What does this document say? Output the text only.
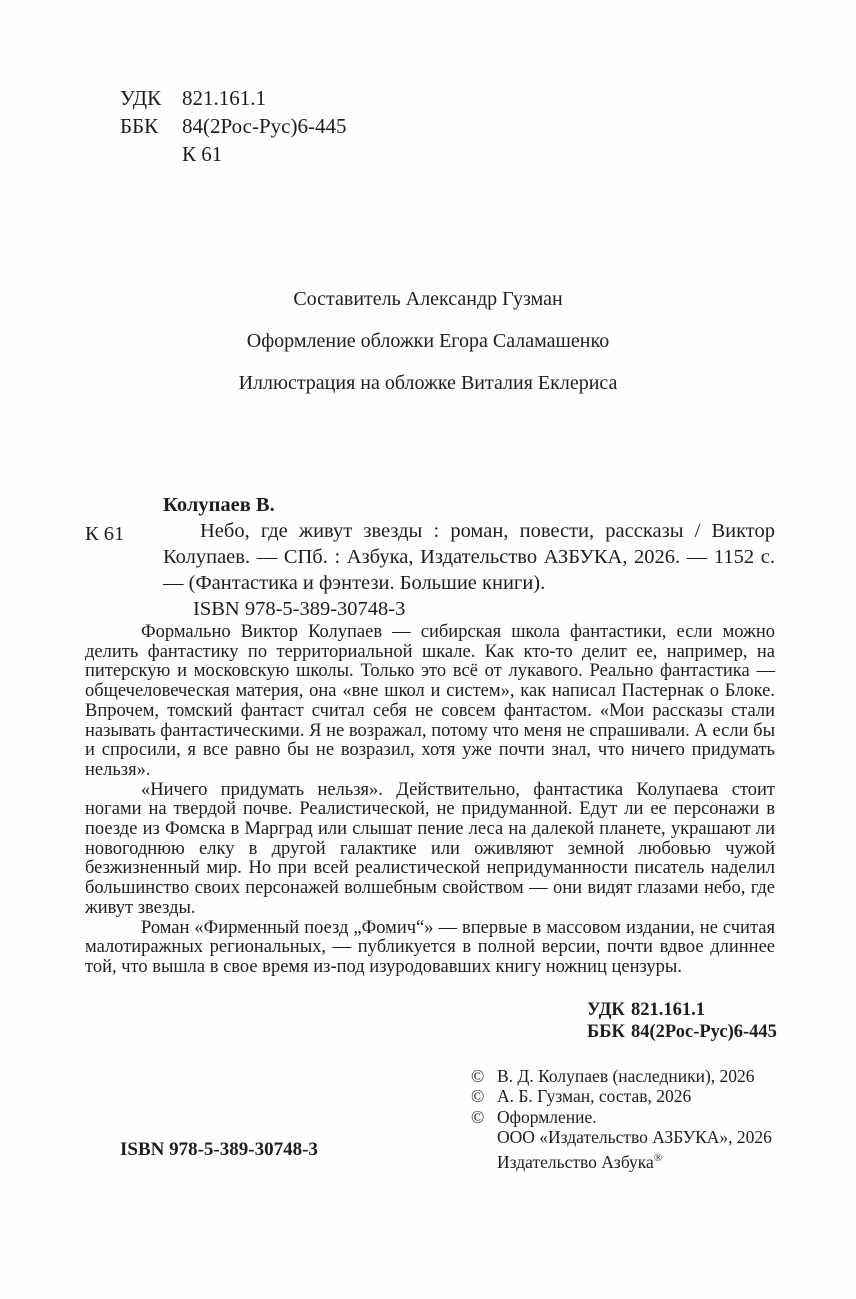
УДК 821.161.1
ББК	84(2Рос-Рус)6-445
К 61
Составитель Александр Гузман
Оформление обложки Егора Саламашенко
Иллюстрация на обложке Виталия Еклериса
Колупаев В.
К 61	Небо, где живут звезды : роман, повести, рассказы / Виктор Колупаев. — СПб. : Азбука, Издательство АЗБУКА, 2026. — 1152 с. — (Фантастика и фэнтези. Большие книги).
ISBN 978-5-389-30748-3

Формально Виктор Колупаев — сибирская школа фантастики, если можно делить фантастику по территориальной шкале. Как кто-то делит ее, например, на питерскую и московскую школы. Только это всё от лукавого. Реально фантастика — общечеловеческая материя, она «вне школ и систем», как написал Пастернак о Блоке. Впрочем, томский фантаст считал себя не совсем фантастом. «Мои рассказы стали называть фантастическими. Я не возражал, потому что меня не спрашивали. А если бы и спросили, я все равно бы не возразил, хотя уже почти знал, что ничего придумать нельзя».

«Ничего придумать нельзя». Действительно, фантастика Колупаева стоит ногами на твердой почве. Реалистической, не придуманной. Едут ли ее персонажи в поезде из Фомска в Марград или слышат пение леса на далекой планете, украшают ли новогоднюю елку в другой галактике или оживляют земной любовью чужой безжизненный мир. Но при всей реалистической непридуманности писатель наделил большинство своих персонажей волшебным свойством — они видят глазами небо, где живут звезды.

Роман «Фирменный поезд „Фомич“» — впервые в массовом издании, не считая малотиражных региональных, — публикуется в полной версии, почти вдвое длиннее той, что вышла в свое время из-под изуродовавших книгу ножниц цензуры.

УДК 821.161.1
ББК 84(2Рос-Рус)6-445
© В. Д. Колупаев (наследники), 2026
© А. Б. Гузман, состав, 2026
© Оформление.
ООО «Издательство АЗБУКА», 2026
Издательство Азбука®
ISBN 978-5-389-30748-3
